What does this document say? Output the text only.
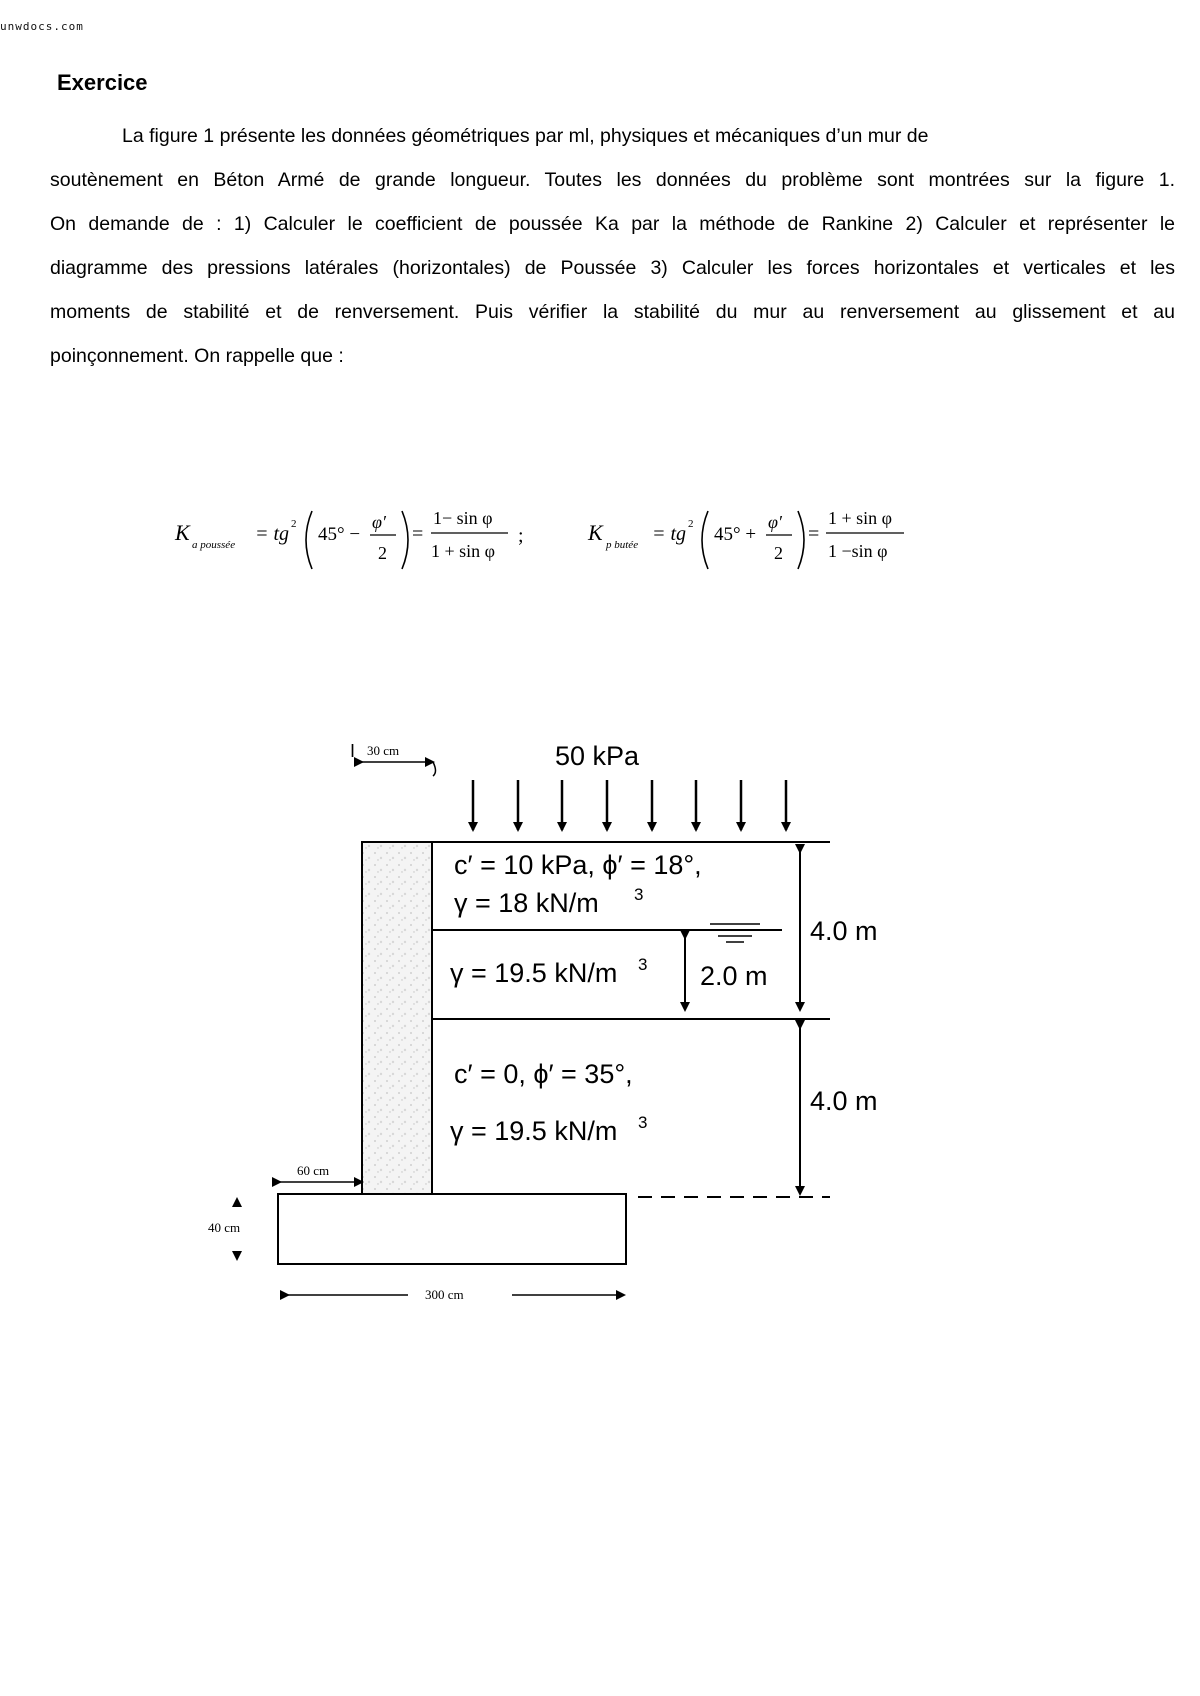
unwdocs.com
Exercice

La figure 1 présente les données géométriques par ml, physiques et mécaniques d’un mur de
soutènement en Béton Armé de grande longueur. Toutes les données du problème sont montrées sur la figure 1.
On demande de : 1) Calculer le coefficient de poussée Ka par la méthode de Rankine 2) Calculer et représenter le
diagramme des pressions latérales (horizontales) de Poussée 3) Calculer les forces horizontales et verticales et les
moments de stabilité et de renversement. Puis vérifier la stabilité du mur au renversement au glissement et au
poinçonnement. On rappelle que :

K a poussée = tg 2 45° −
φ′
2
=
1− sin φ
1 + sin φ
;	K p butée = tg 2 45° +
φ′
2
=
1 + sin φ
1 −sin φ
I	50 kPa
30 cm
c′ = 10 kPa, ϕ′ = 18°,
γ = 18 kN/m 3
γ = 19.5 kN/m 3 2.0 m
4.0 m
c′ = 0, ϕ′ = 35°,
γ = 19.5 kN/m 3
4.0 m
60 cm
40 cm
300 cm
